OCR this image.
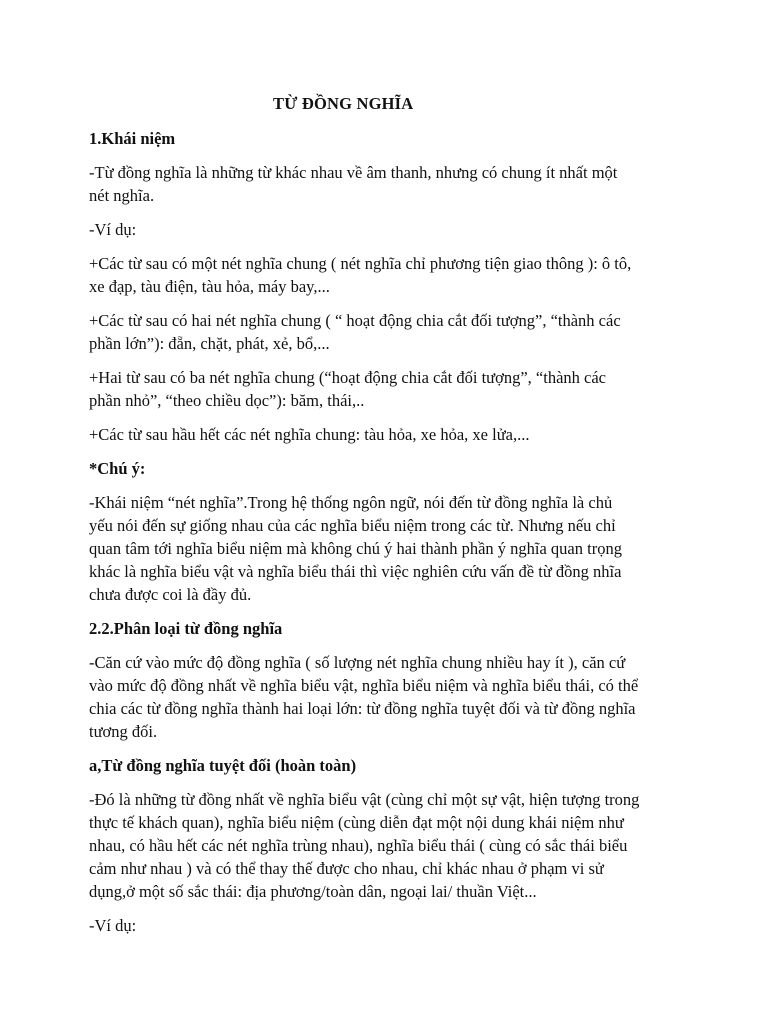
TỪ ĐỒNG NGHĨA
1.Khái niệm
-Từ đồng nghĩa là những từ khác nhau về âm thanh, nhưng có chung ít nhất một
nét nghĩa.
-Ví dụ:
+Các từ sau có một nét nghĩa chung ( nét nghĩa chỉ phương tiện giao thông ): ô tô,
xe đạp, tàu điện, tàu hỏa, máy bay,...
+Các từ sau có hai nét nghĩa chung ( “ hoạt động chia cắt đối tượng”, “thành các
phần lớn”): đẵn, chặt, phát, xẻ, bổ,...
+Hai từ sau có ba nét nghĩa chung (“hoạt động chia cắt đối tượng”, “thành các
phần nhỏ”, “theo chiều dọc”): băm, thái,..
+Các từ sau hầu hết các nét nghĩa chung: tàu hỏa, xe hỏa, xe lửa,...
*Chú ý:
-Khái niệm “nét nghĩa”.Trong hệ thống ngôn ngữ, nói đến từ đồng nghĩa là chủ
yếu nói đến sự giống nhau của các nghĩa biểu niệm trong các từ. Nhưng nếu chỉ
quan tâm tới nghĩa biểu niệm mà không chú ý hai thành phần ý nghĩa quan trọng
khác là nghĩa biểu vật và nghĩa biểu thái thì việc nghiên cứu vấn đề từ đồng nhĩa
chưa được coi là đầy đủ.
2.2.Phân loại từ đồng nghĩa
-Căn cứ vào mức độ đồng nghĩa ( số lượng nét nghĩa chung nhiều hay ít ), căn cứ
vào mức độ đồng nhất về nghĩa biểu vật, nghĩa biểu niệm và nghĩa biểu thái, có thể
chia các từ đồng nghĩa thành hai loại lớn: từ đồng nghĩa tuyệt đối và từ đồng nghĩa
tương đối.
a,Từ đồng nghĩa tuyệt đối (hoàn toàn)
-Đó là những từ đồng nhất về nghĩa biểu vật (cùng chỉ một sự vật, hiện tượng trong
thực tế khách quan), nghĩa biểu niệm (cùng diễn đạt một nội dung khái niệm như
nhau, có hầu hết các nét nghĩa trùng nhau), nghĩa biểu thái ( cùng có sắc thái biểu
cảm như nhau ) và có thể thay thế được cho nhau, chỉ khác nhau ở phạm vi sử
dụng,ở một số sắc thái: địa phương/toàn dân, ngoại lai/ thuần Việt...
-Ví dụ:
